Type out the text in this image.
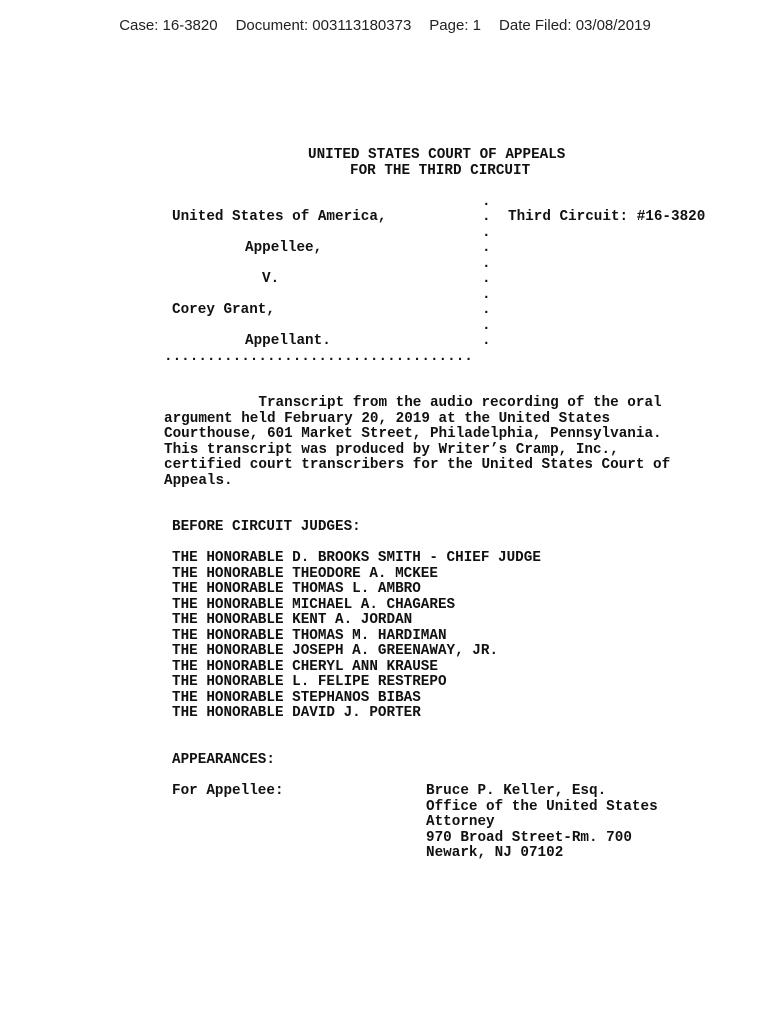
Case: 16-3820 Document: 003113180373 Page: 1 Date Filed: 03/08/2019
UNITED STATES COURT OF APPEALS
FOR THE THIRD CIRCUIT
United States of America,
Appellee,
V.
Corey Grant,
Appellant.
Third Circuit: #16-3820
.
.
.
.
.
.
.
.
.
.
....................................
Transcript from the audio recording of the oral
argument held February 20, 2019 at the United States
Courthouse, 601 Market Street, Philadelphia, Pennsylvania.
This transcript was produced by Writer’s Cramp, Inc.,
certified court transcribers for the United States Court of
Appeals.
BEFORE CIRCUIT JUDGES:
THE HONORABLE D. BROOKS SMITH - CHIEF JUDGE
THE HONORABLE THEODORE A. MCKEE
THE HONORABLE THOMAS L. AMBRO
THE HONORABLE MICHAEL A. CHAGARES
THE HONORABLE KENT A. JORDAN
THE HONORABLE THOMAS M. HARDIMAN
THE HONORABLE JOSEPH A. GREENAWAY, JR.
THE HONORABLE CHERYL ANN KRAUSE
THE HONORABLE L. FELIPE RESTREPO
THE HONORABLE STEPHANOS BIBAS
THE HONORABLE DAVID J. PORTER
APPEARANCES:
For Appellee:	Bruce P. Keller, Esq.
Office of the United States
Attorney
970 Broad Street-Rm. 700
Newark, NJ 07102
